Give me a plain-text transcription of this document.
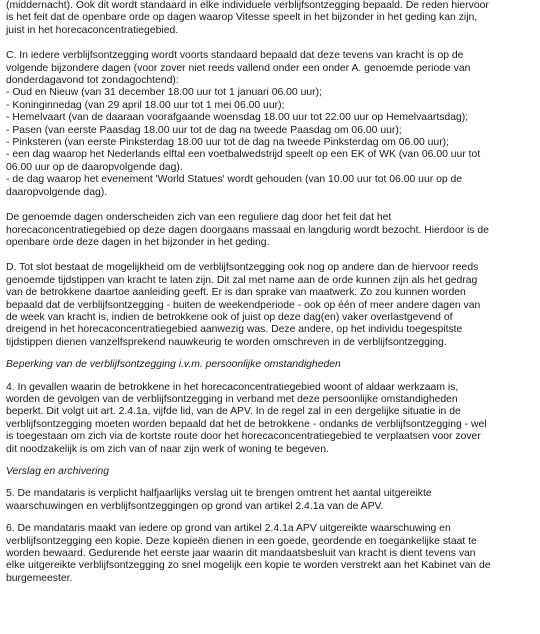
(middernacht). Ook dit wordt standaard in elke individuele verblijfsontzegging bepaald. De reden hiervoor
is het feit dat de openbare orde op dagen waarop Vitesse speelt in het bijzonder in het geding kan zijn,
juist in het horecaconcentratiegebied.

C. In iedere verblijfsontzegging wordt voorts standaard bepaald dat deze tevens van kracht is op de
volgende bijzondere dagen (voor zover niet reeds vallend onder een onder A. genoemde periode van
donderdagavond tot zondagochtend):
- Oud en Nieuw (van 31 december 18.00 uur tot 1 januari 06.00 uur);
- Koninginnedag (van 29 april 18.00 uur tot 1 mei 06.00 uur);
- Hemelvaart (van de daaraan voorafgaande woensdag 18.00 uur tot 22.00 uur op Hemelvaartsdag);
- Pasen (van eerste Paasdag 18.00 uur tot de dag na tweede Paasdag om 06.00 uur);
- Pinksteren (van eerste Pinksterdag 18.00 uur tot de dag na tweede Pinksterdag om 06.00 uur);
- een dag waarop het Nederlands elftal een voetbalwedstrijd speelt op een EK of WK (van 06.00 uur tot
06.00 uur op de daaropvolgende dag).
- de dag waarop het evenement 'World Statues' wordt gehouden (van 10.00 uur tot 06.00 uur op de
daaropvolgende dag).

De genoemde dagen onderscheiden zich van een reguliere dag door het feit dat het
horecaconcentratiegebied op deze dagen doorgaans massaal en langdurig wordt bezocht. Hierdoor is de
openbare orde deze dagen in het bijzonder in het geding.

D. Tot slot bestaat de mogelijkheid om de verblijfsontzegging ook nog op andere dan de hiervoor reeds
genoemde tijdstippen van kracht te laten zijn. Dit zal met name aan de orde kunnen zijn als het gedrag
van de betrokkene daartoe aanleiding geeft. Er is dan sprake van maatwerk. Zo zou kunnen worden
bepaald dat de verblijfsontzegging - buiten de weekendperiode - ook op één of meer andere dagen van
de week van kracht is, indien de betrokkene ook of juist op deze dag(en) vaker overlastgevend of
dreigend in het horecaconcentratiegebied aanwezig was. Deze andere, op het individu toegespitste
tijdstippen dienen vanzelfsprekend nauwkeurig te worden omschreven in de verblijfsontzegging.

Beperking van de verblijfsontzegging i.v.m. persoonlijke omstandigheden

4. In gevallen waarin de betrokkene in het horecaconcentratiegebied woont of aldaar werkzaam is,
worden de gevolgen van de verblijfsontzegging in verband met deze persoonlijke omstandigheden
beperkt. Dit volgt uit art. 2.4.1a, vijfde lid, van de APV. In de regel zal in een dergelijke situatie in de
verblijfsontzegging moeten worden bepaald dat het de betrokkene - ondanks de verblijfsontzegging - wel
is toegestaan om zich via de kortste route door het horecaconcentratiegebied te verplaatsen voor zover
dit noodzakelijk is om zich van of naar zijn werk of woning te begeven.

Verslag en archivering

5. De mandataris is verplicht halfjaarlijks verslag uit te brengen omtrent het aantal uitgereikte
waarschuwingen en verblijfsontzeggingen op grond van artikel 2.4.1a van de APV.

6. De mandataris maakt van iedere op grond van artikel 2.4.1a APV uitgereikte waarschuwing en
verblijfsontzegging een kopie. Deze kopieën dienen in een goede, geordende en toegankelijke staat te
worden bewaard. Gedurende het eerste jaar waarin dit mandaatsbesluit van kracht is dient tevens van
elke uitgereikte verblijfsontzegging zo snel mogelijk een kopie te worden verstrekt aan het Kabinet van de
burgemeester.
